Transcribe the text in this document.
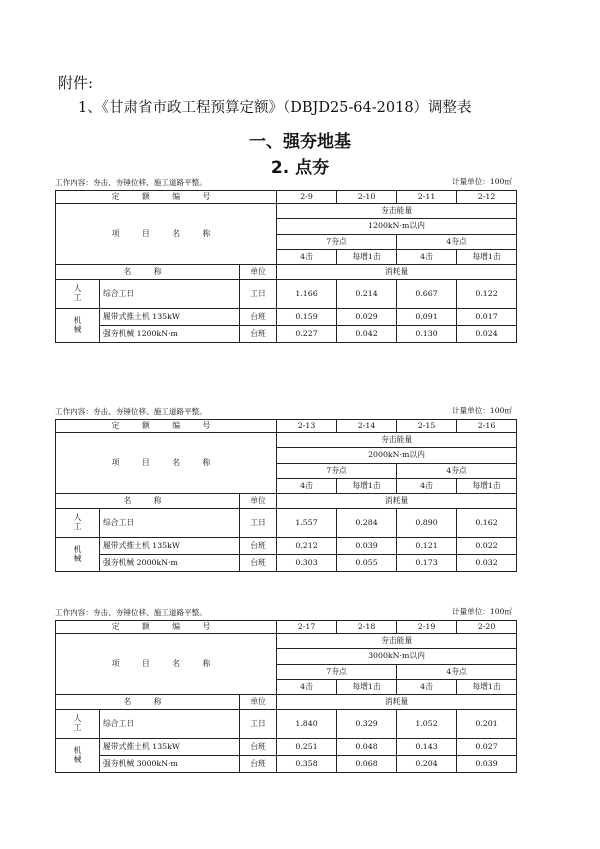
附件:
1、《甘肃省市政工程预算定额》（DBJD25-64-2018）调整表
一、强夯地基
2. 点夯
工作内容：夯击、夯锤位移、施工道路平整。	计量单位：100㎡
定 额 编 号			2-9	2-10	2-11	2-12
项 目 名 称			夯击能量			
			1200kN·m以内			
			7夯点		4夯点	
			4击	每增1击	4击	每增1击
名 称		单位	消耗量			
人
工	综合工日	工日	1.166	0.214	0.667	0.122
机
械	履带式推土机 135kW	台班	0.159	0.029	0.091	0.017
	强夯机械 1200kN·m	台班	0.227	0.042	0.130	0.024
工作内容：夯击、夯锤位移、施工道路平整。	计量单位：100㎡
定 额 编 号			2-13	2-14	2-15	2-16
项 目 名 称			夯击能量			
			2000kN·m以内			
			7夯点		4夯点	
			4击	每增1击	4击	每增1击
名 称		单位	消耗量			
人
工	综合工日	工日	1.557	0.284	0.890	0.162
机
械	履带式推土机 135kW	台班	0.212	0.039	0.121	0.022
	强夯机械 2000kN·m	台班	0.303	0.055	0.173	0.032
工作内容：夯击、夯锤位移、施工道路平整。	计量单位：100㎡
定 额 编 号			2-17	2-18	2-19	2-20
项 目 名 称			夯击能量			
			3000kN·m以内			
			7夯点		4夯点	
			4击	每增1击	4击	每增1击
名 称		单位	消耗量			
人
工	综合工日	工日	1.840	0.329	1.052	0.201
机
械	履带式推土机 135kW	台班	0.251	0.048	0.143	0.027
	强夯机械 3000kN·m	台班	0.358	0.068	0.204	0.039
